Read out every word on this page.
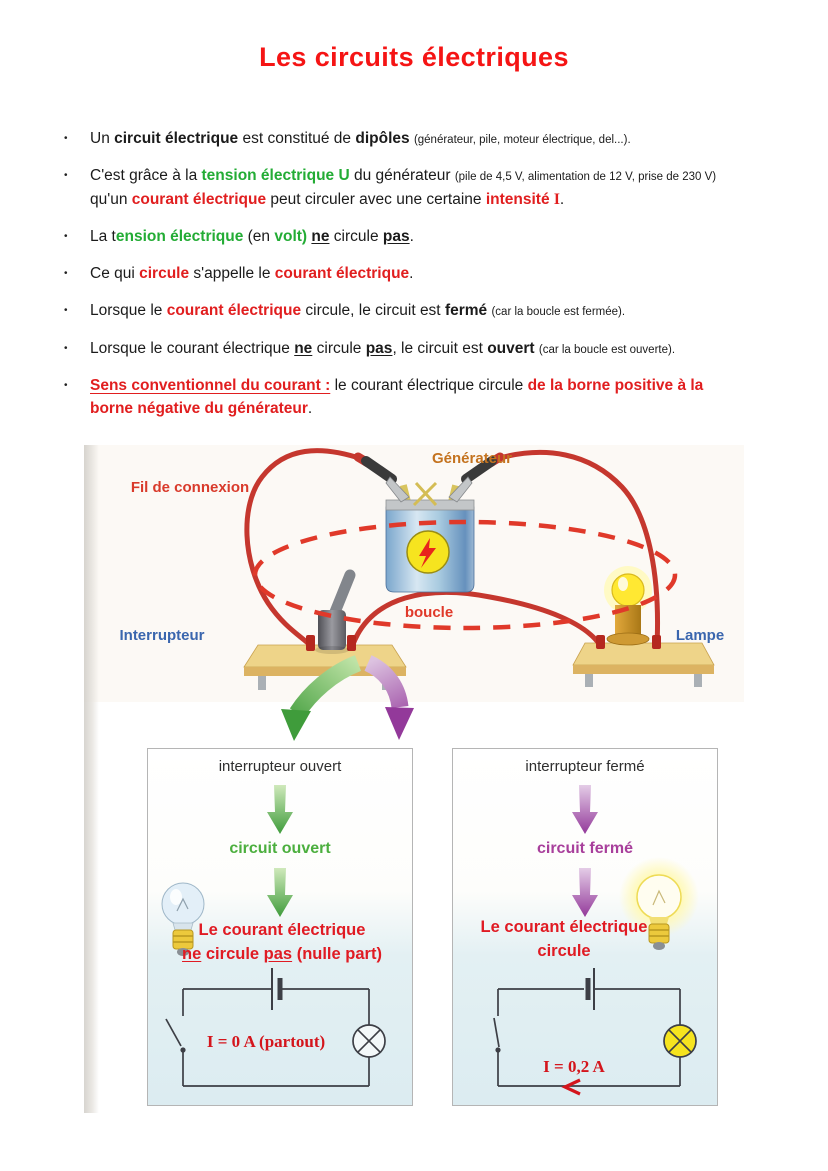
Les circuits électriques
•	Un circuit électrique est constitué de dipôles (générateur, pile, moteur électrique, del...).

•	C'est grâce à la tension électrique U du générateur (pile de 4,5 V, alimentation de 12 V, prise de 230 V)
qu'un courant électrique peut circuler avec une certaine intensité I.

•	La tension électrique (en volt) ne circule pas.

•	Ce qui circule s'appelle le courant électrique.

•	Lorsque le courant électrique circule, le circuit est fermé (car la boucle est fermée).

•	Lorsque le courant électrique ne circule pas, le circuit est ouvert (car la boucle est ouverte).

•	Sens conventionnel du courant : le courant électrique circule de la borne positive à la
borne négative du générateur.

Générateur
Fil de connexion
boucle
Interrupteur	Lampe
interrupteur ouvert
circuit ouvert
Le courant électrique
ne circule pas (nulle part)
I = 0 A (partout)
interrupteur fermé
circuit fermé
Le courant électrique
circule
I = 0,2 A
